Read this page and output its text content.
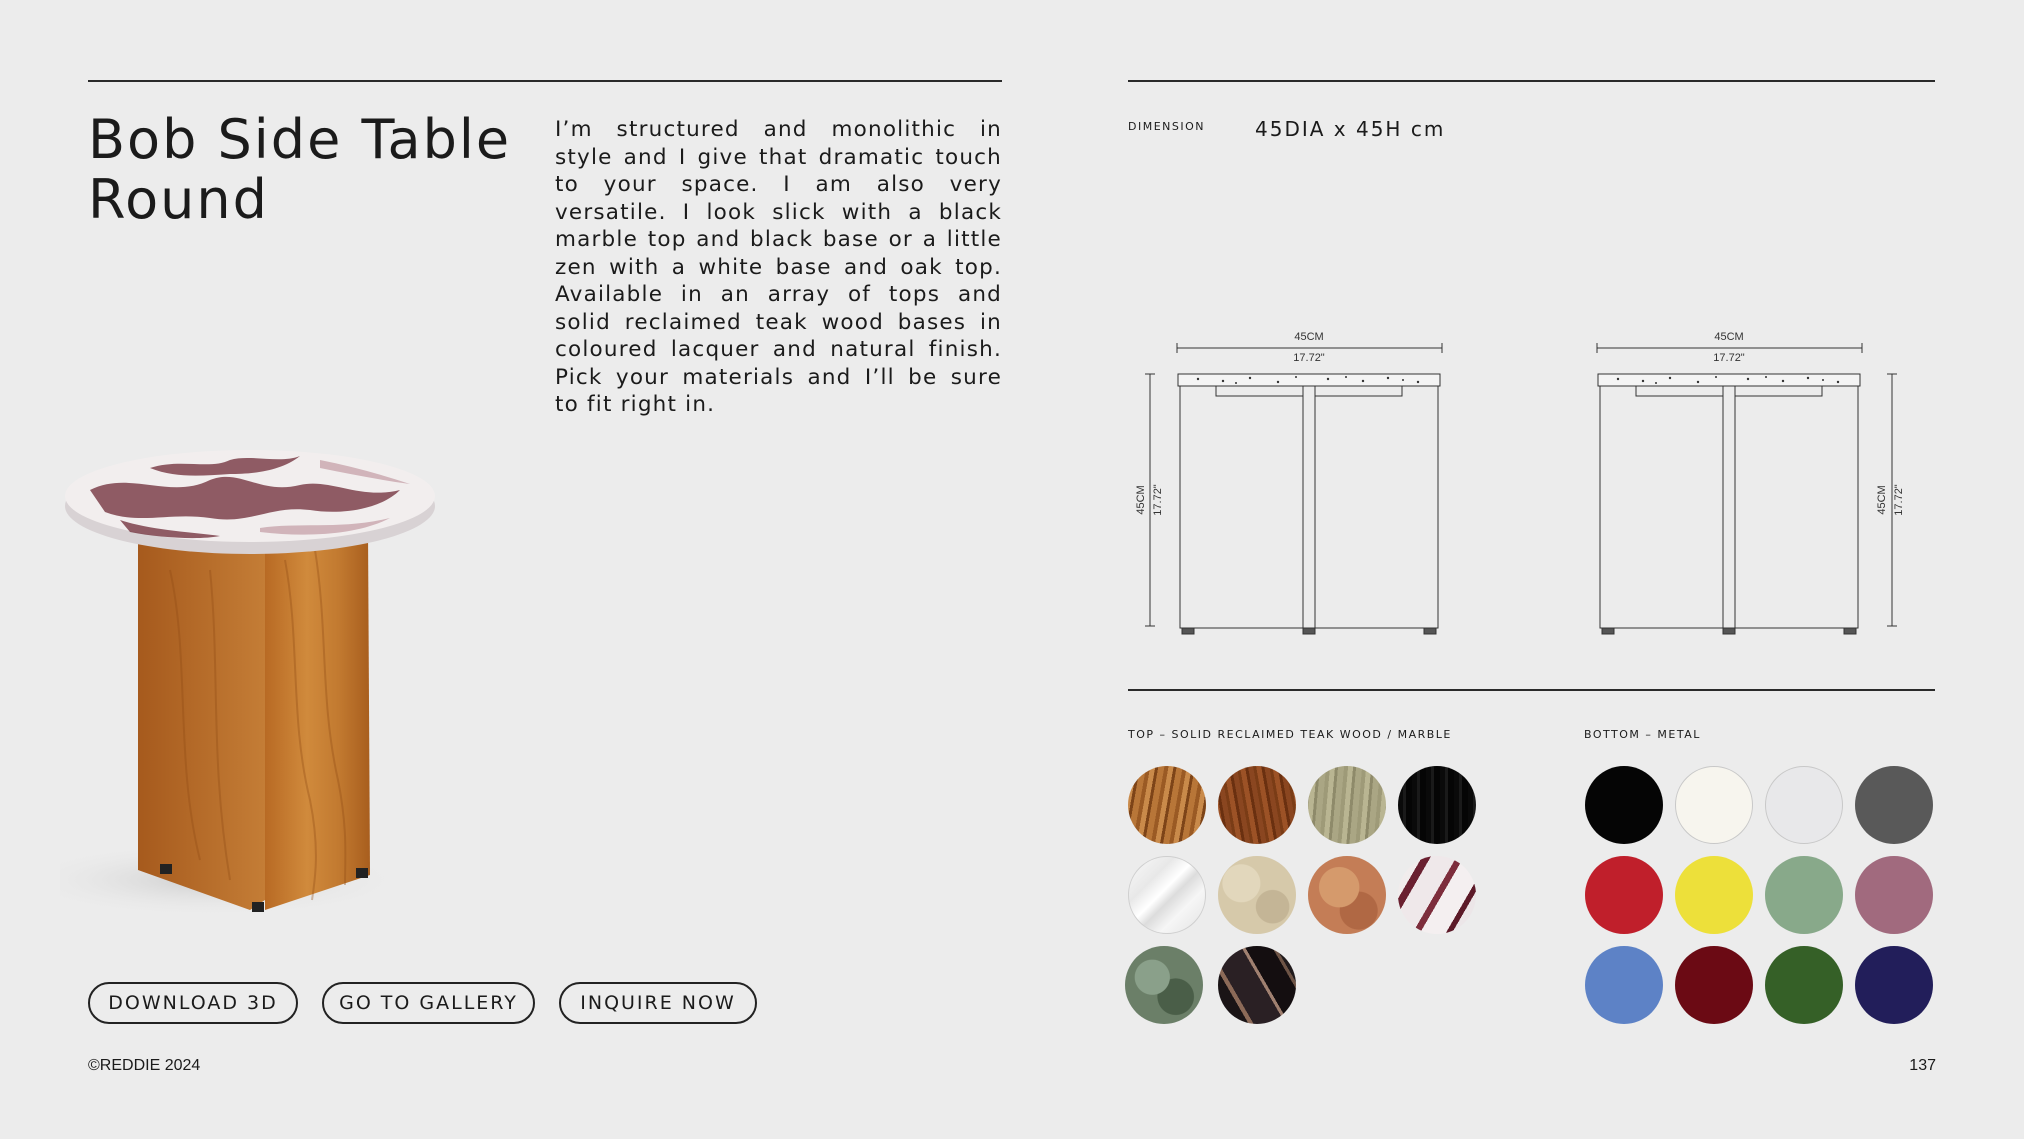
Bob Side Table
Round

I’m structured and monolithic in style and I give that dramatic touch to your space. I am also very versatile. I look slick with a black marble top and black base or a little zen with a white base and oak top. Available in an array of tops and solid reclaimed teak wood bases in coloured lacquer and natural finish. Pick your materials and I’ll be sure to fit right in.

DOWNLOAD 3D	GO TO GALLERY	INQUIRE NOW
©REDDIE 2024	137
DIMENSION	45DIA x 45H cm
45CM
17.72"
45CM 17.72"
45CM
17.72"
45CM 17.72"
TOP – SOLID RECLAIMED TEAK WOOD / MARBLE	BOTTOM – METAL
